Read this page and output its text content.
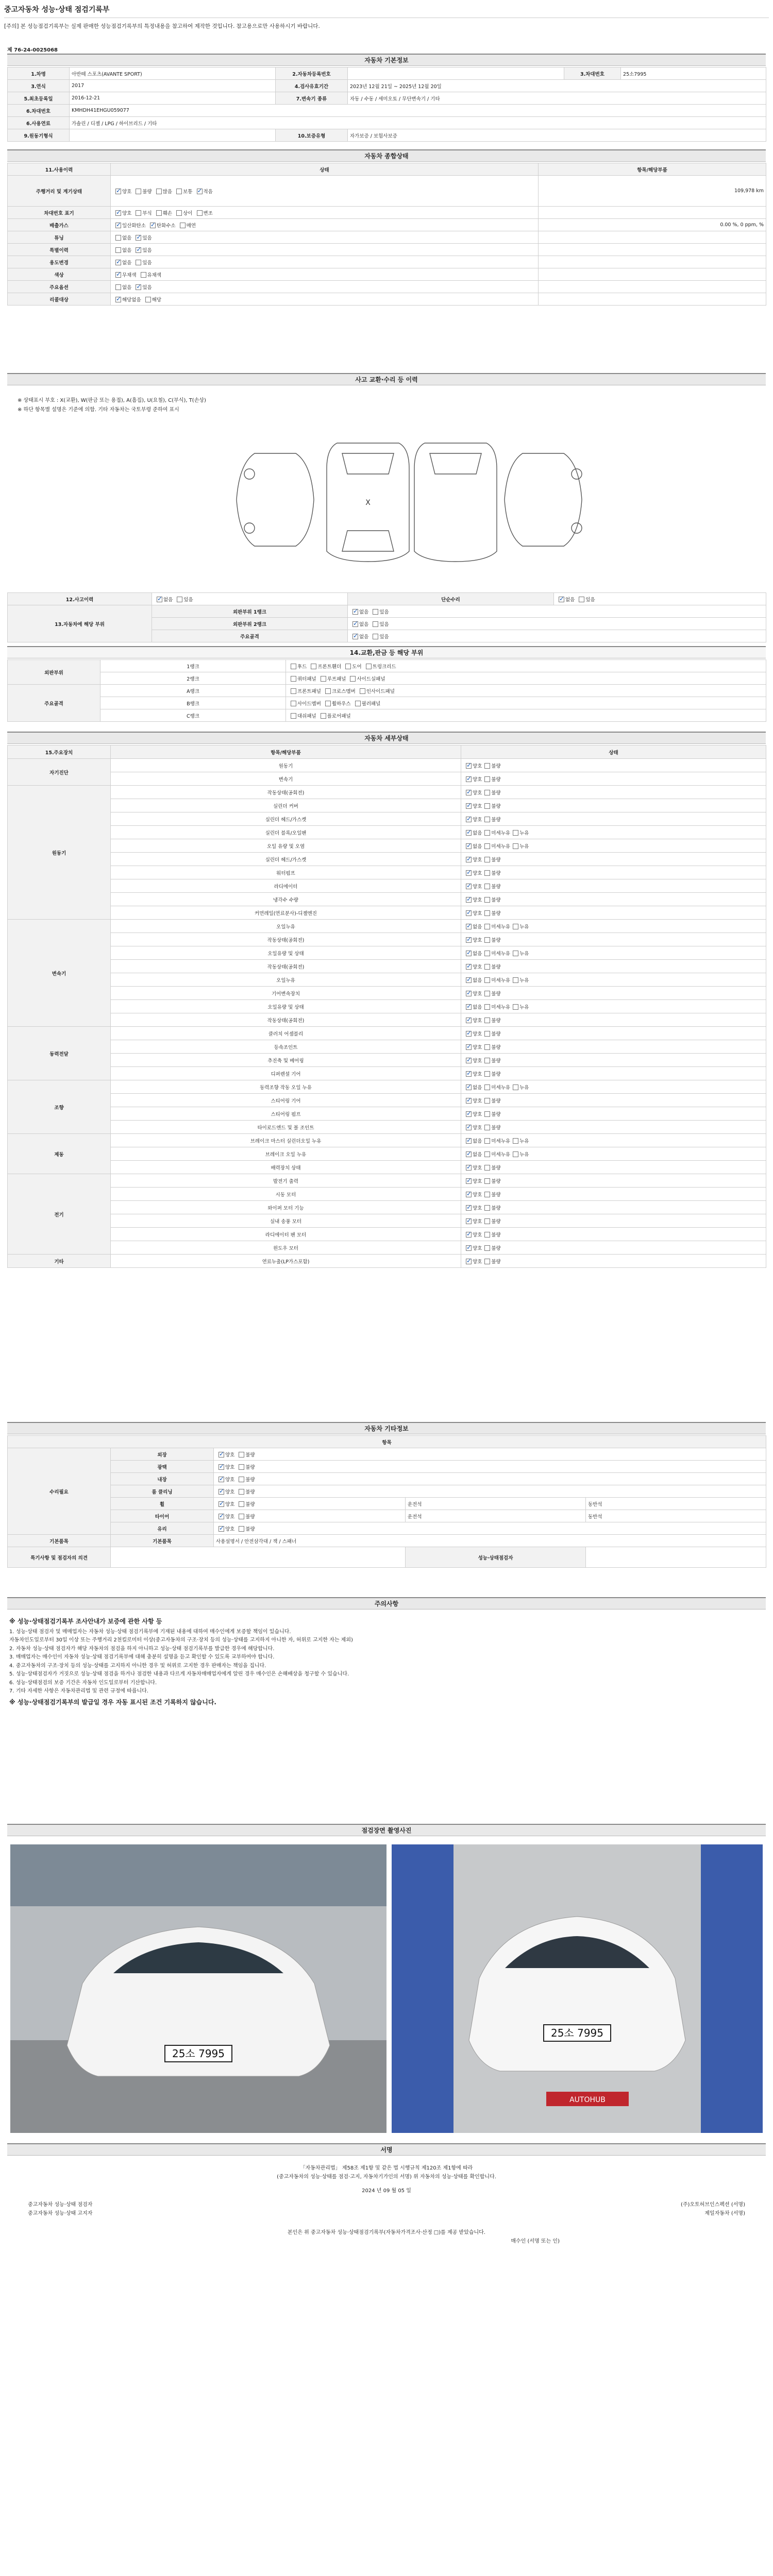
중고자동차 성능·상태 점검기록부
[주의] 본 성능점검기록부는 실제 판매한 성능점검기록부의 특정내용을 참고하여 제작한 것입니다. 참고용으로만 사용하시기 바랍니다.
제 76-24-0025068
자동차 기본정보
1.차명	아반떼 스포츠(AVANTE SPORT)	2.자동차등록번호		3.차대번호	25소7995
3.연식	2017	4.검사유효기간	2023년 12월 21일 ~ 2025년 12월 20일		
5.최초등록일	2016-12-21	7.변속기 종류	자동 / 수동 / 세미오토 / 무단변속기 / 기타		
6.차대번호	KMHDH41EHGU059077				
6.사용연료	가솔린 / 디젤 / LPG / 하이브리드 / 기타				
9.원동기형식		10.보증유형	자가보증 / 보험사보증		
자동차 종합상태
11.사용이력	상태	항목/해당부품
주행거리 및 계기상태	✓양호 불량 많음 보통 ✓적음	109,978 km
차대번호 표기	✓양호 부식 훼손 상이 변조	
배출가스	✓일산화탄소 ✓탄화수소 매연	0.00 %, 0 ppm, %
튜닝	없음 ✓있음	
특별이력	없음 ✓있음	
용도변경	✓없음 있음	
색상	✓무채색 유채색	
주요옵션	없음 ✓있음	
리콜대상	✓해당없음 해당	
사고 교환·수리 등 이력
※ 상태표시 부호 : X(교환), W(판금 또는 용접), A(흠집), U(요철), C(부식), T(손상)
※ 하단 항목별 설명은 기준에 의함. 기타 자동차는 국토부령 준하여 표시
X
12.사고이력	✓없음 있음	단순수리	✓없음 있음
13.자동차에 해당 부위	외판부위 1랭크	✓없음 있음
	외판부위 2랭크	✓없음 있음
	주요골격	✓없음 있음
14.교환,판금 등 해당 부위
외판부위	1랭크	후드 프론트휀더 도어 트렁크리드
	2랭크	쿼터패널 루프패널 사이드실패널
주요골격	A랭크	프론트패널 크로스멤버 인사이드패널
	B랭크	사이드멤버 휠하우스 필러패널
	C랭크	대쉬패널 플로어패널
자동차 세부상태
15.주요장치	항목/해당부품	상태
자기진단	원동기	✓양호 불량
	변속기	✓양호 불량
원동기	작동상태(공회전)	✓양호 불량
	실린더 커버	✓양호 불량
	실린더 헤드/가스켓	✓양호 불량
	실린더 블록/오일팬	✓없음 미세누유 누유
	오일 유량 및 오염	✓없음 미세누유 누유
	실린더 헤드/가스켓	✓양호 불량
	워터펌프	✓양호 불량
	라디에이터	✓양호 불량
	냉각수 수량	✓양호 불량
	커먼레일(연료분사)-디젤엔진	✓양호 불량
변속기	오일누유	✓없음 미세누유 누유
	작동상태(공회전)	✓양호 불량
	오일유량 및 상태	✓없음 미세누유 누유
	작동상태(공회전)	✓양호 불량
	오일누유	✓없음 미세누유 누유
	기어변속장치	✓양호 불량
	오일유량 및 상태	✓없음 미세누유 누유
	작동상태(공회전)	✓양호 불량
동력전달	클러치 어셈블리	✓양호 불량
	등속조인트	✓양호 불량
	추진축 및 베어링	✓양호 불량
	디퍼렌셜 기어	✓양호 불량
조향	동력조향 작동 오일 누유	✓없음 미세누유 누유
	스티어링 기어	✓양호 불량
	스티어링 펌프	✓양호 불량
	타이로드엔드 및 볼 조인트	✓양호 불량
제동	브레이크 마스터 실린더오일 누유	✓없음 미세누유 누유
	브레이크 오일 누유	✓없음 미세누유 누유
	배력장치 상태	✓양호 불량
전기	발전기 출력	✓양호 불량
	시동 모터	✓양호 불량
	와이퍼 모터 기능	✓양호 불량
	실내 송풍 모터	✓양호 불량
	라디에이터 팬 모터	✓양호 불량
	윈도우 모터	✓양호 불량
기타	연료누출(LP가스포함)	✓양호 불량
자동차 기타정보
항목				
수리필요	외장	✓양호 불량
	광택	✓양호 불량
	내장	✓양호 불량
	룸 클리닝	✓양호 불량
	휠	✓양호 불량	운전석	동반석
	타이어	✓양호 불량	운전석	동반석
	유리	✓양호 불량
기본품목	기본품목	사용설명서 / 안전삼각대 / 잭 / 스패너		
특기사항 및 점검자의 의견			성능·상태점검자	
주의사항

※ 성능·상태점검기록부 조사안내가 보증에 관한 사항 등

1. 성능·상태 점검자 및 매매업자는 자동차 성능·상태 점검기록부에 기재된 내용에 대하여 매수인에게 보증할 책임이 있습니다.

자동차인도일로부터 30일 이상 또는 주행거리 2천킬로미터 이상(중고자동차의 구조·장치 등의 성능·상태를 고지하지 아니한 자, 허위로 고지한 자는 제외)

2. 자동차 성능·상태 점검자가 해당 자동차의 점검을 하지 아니하고 성능·상태 점검기록부를 발급한 경우에 해당합니다.

3. 매매업자는 매수인이 자동차 성능·상태 점검기록부에 대해 충분히 설명을 듣고 확인할 수 있도록 교부하여야 합니다.

4. 중고자동차의 구조·장치 등의 성능·상태를 고지하지 아니한 경우 및 허위로 고지한 경우 판매자는 책임을 집니다.

5. 성능·상태점검자가 거짓으로 성능·상태 점검을 하거나 점검한 내용과 다르게 자동차매매업자에게 알린 경우 매수인은 손해배상을 청구할 수 있습니다.

6. 성능·상태점검의 보증 기간은 자동차 인도일로부터 기산합니다.

7. 기타 자세한 사항은 자동차관리법 및 관련 규정에 따릅니다.

※ 성능·상태점검기록부의 발급일 경우 자동 표시된 조건 기록하지 않습니다.

점검장면 촬영사진
25소 7995
25소 7995
AUTOHUB
서명
「자동차관리법」 제58조 제1항 및 같은 법 시행규칙 제120조 제1항에 따라
(중고자동차의 성능·상태를 점검·고지, 자동차기가인의 서명) 위 자동차의 성능·상태를 확인합니다.
2024 년 09 월 05 일
중고자동차 성능·상태 점검자	(주)오토허브인스펙션 (서명)
중고자동차 성능·상태 고지자	제일자동차 (서명)
본인은 위 중고자동차 성능·상태점검기록부(자동차가격조사·산정 □)를 제공 받았습니다.
매수인 (서명 또는 인)
